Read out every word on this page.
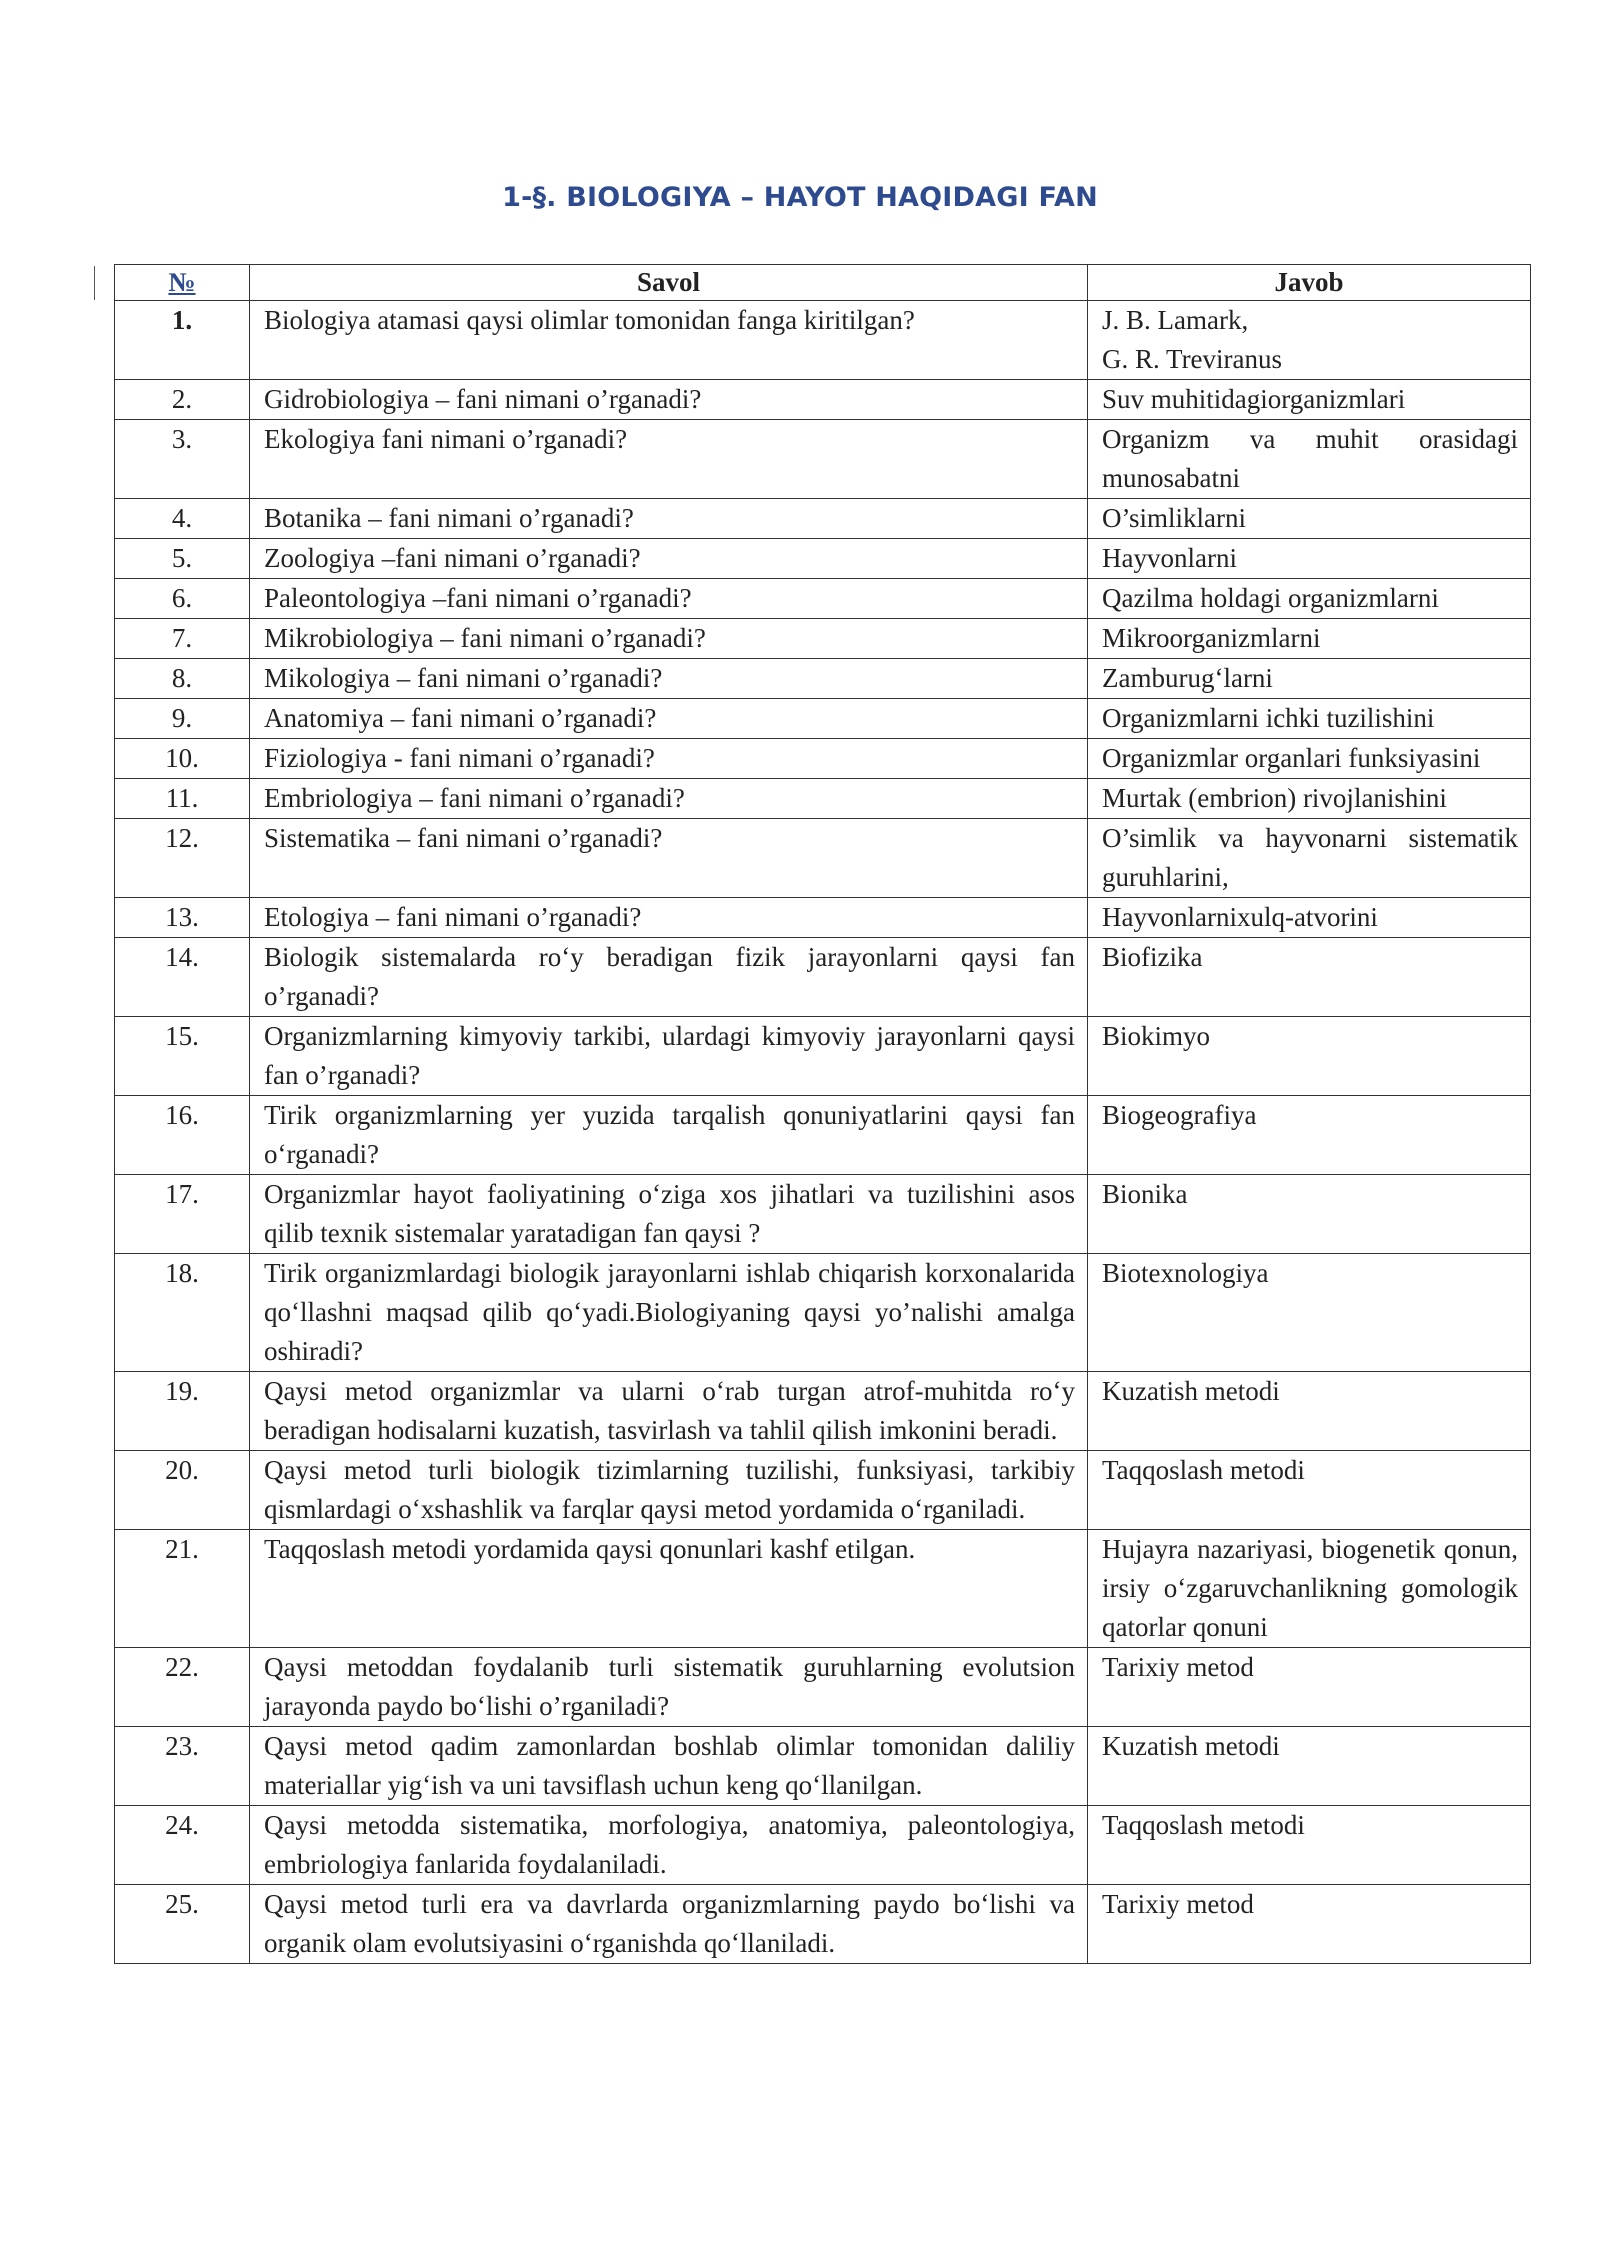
1-§. BIOLOGIYA – HAYOT HAQIDAGI FAN
№	Savol	Javob
1.	Biologiya atamasi qaysi olimlar tomonidan fanga kiritilgan?	J. B. Lamark,
G. R. Treviranus

2.	Gidrobiologiya – fani nimani o’rganadi?	Suv muhitidagiorganizmlari

3.	Ekologiya fani nimani o’rganadi?	Organizm va muhit orasidagi munosabatni

4.	Botanika – fani nimani o’rganadi?	O’simliklarni

5.	Zoologiya –fani nimani o’rganadi?	Hayvonlarni

6.	Paleontologiya –fani nimani o’rganadi?	Qazilma holdagi organizmlarni

7.	Mikrobiologiya – fani nimani o’rganadi?	Mikroorganizmlarni

8.	Mikologiya – fani nimani o’rganadi?	Zamburug‘larni

9.	Anatomiya – fani nimani o’rganadi?	Organizmlarni ichki tuzilishini

10.	Fiziologiya - fani nimani o’rganadi?	Organizmlar organlari funksiyasini

11.	Embriologiya – fani nimani o’rganadi?	Murtak (embrion) rivojlanishini

12.	Sistematika – fani nimani o’rganadi?	O’simlik va hayvonarni sistematik guruhlarini,

13.	Etologiya – fani nimani o’rganadi?	Hayvonlarnixulq-atvorini

14.	Biologik sistemalarda ro‘y beradigan fizik jarayonlarni qaysi fan o’rganadi?	Biofizika

15.	Organizmlarning kimyoviy tarkibi, ulardagi kimyoviy jarayonlarni qaysi fan o’rganadi?	Biokimyo

16.	Tirik organizmlarning yer yuzida tarqalish qonuniyatlarini qaysi fan o‘rganadi?	Biogeografiya

17.	Organizmlar hayot faoliyatining o‘ziga xos jihatlari va tuzilishini asos qilib texnik sistemalar yaratadigan fan qaysi ?	Bionika

18.	Tirik organizmlardagi biologik jarayonlarni ishlab chiqarish korxonalarida qo‘llashni maqsad qilib qo‘yadi.Biologiyaning qaysi yo’nalishi amalga oshiradi?	Biotexnologiya

19.	Qaysi metod organizmlar va ularni o‘rab turgan atrof-muhitda ro‘y beradigan hodisalarni kuzatish, tasvirlash va tahlil qilish imkonini beradi.	Kuzatish metodi

20.	Qaysi metod turli biologik tizimlarning tuzilishi, funksiyasi, tarkibiy qismlardagi o‘xshashlik va farqlar qaysi metod yordamida o‘rganiladi.	Taqqoslash metodi

21.	Taqqoslash metodi yordamida qaysi qonunlari kashf etilgan.	Hujayra nazariyasi, biogenetik qonun, irsiy o‘zgaruvchanlikning gomologik qatorlar qonuni

22.	Qaysi metoddan foydalanib turli sistematik guruhlarning evolutsion jarayonda paydo bo‘lishi o’rganiladi?	Tarixiy metod

23.	Qaysi metod qadim zamonlardan boshlab olimlar tomonidan daliliy materiallar yig‘ish va uni tavsiflash uchun keng qo‘llanilgan.	Kuzatish metodi

24.	Qaysi metodda sistematika, morfologiya, anatomiya, paleontologiya, embriologiya fanlarida foydalaniladi.	Taqqoslash metodi

25.	Qaysi metod turli era va davrlarda organizmlarning paydo bo‘lishi va organik olam evolutsiyasini o‘rganishda qo‘llaniladi.	Tarixiy metod
